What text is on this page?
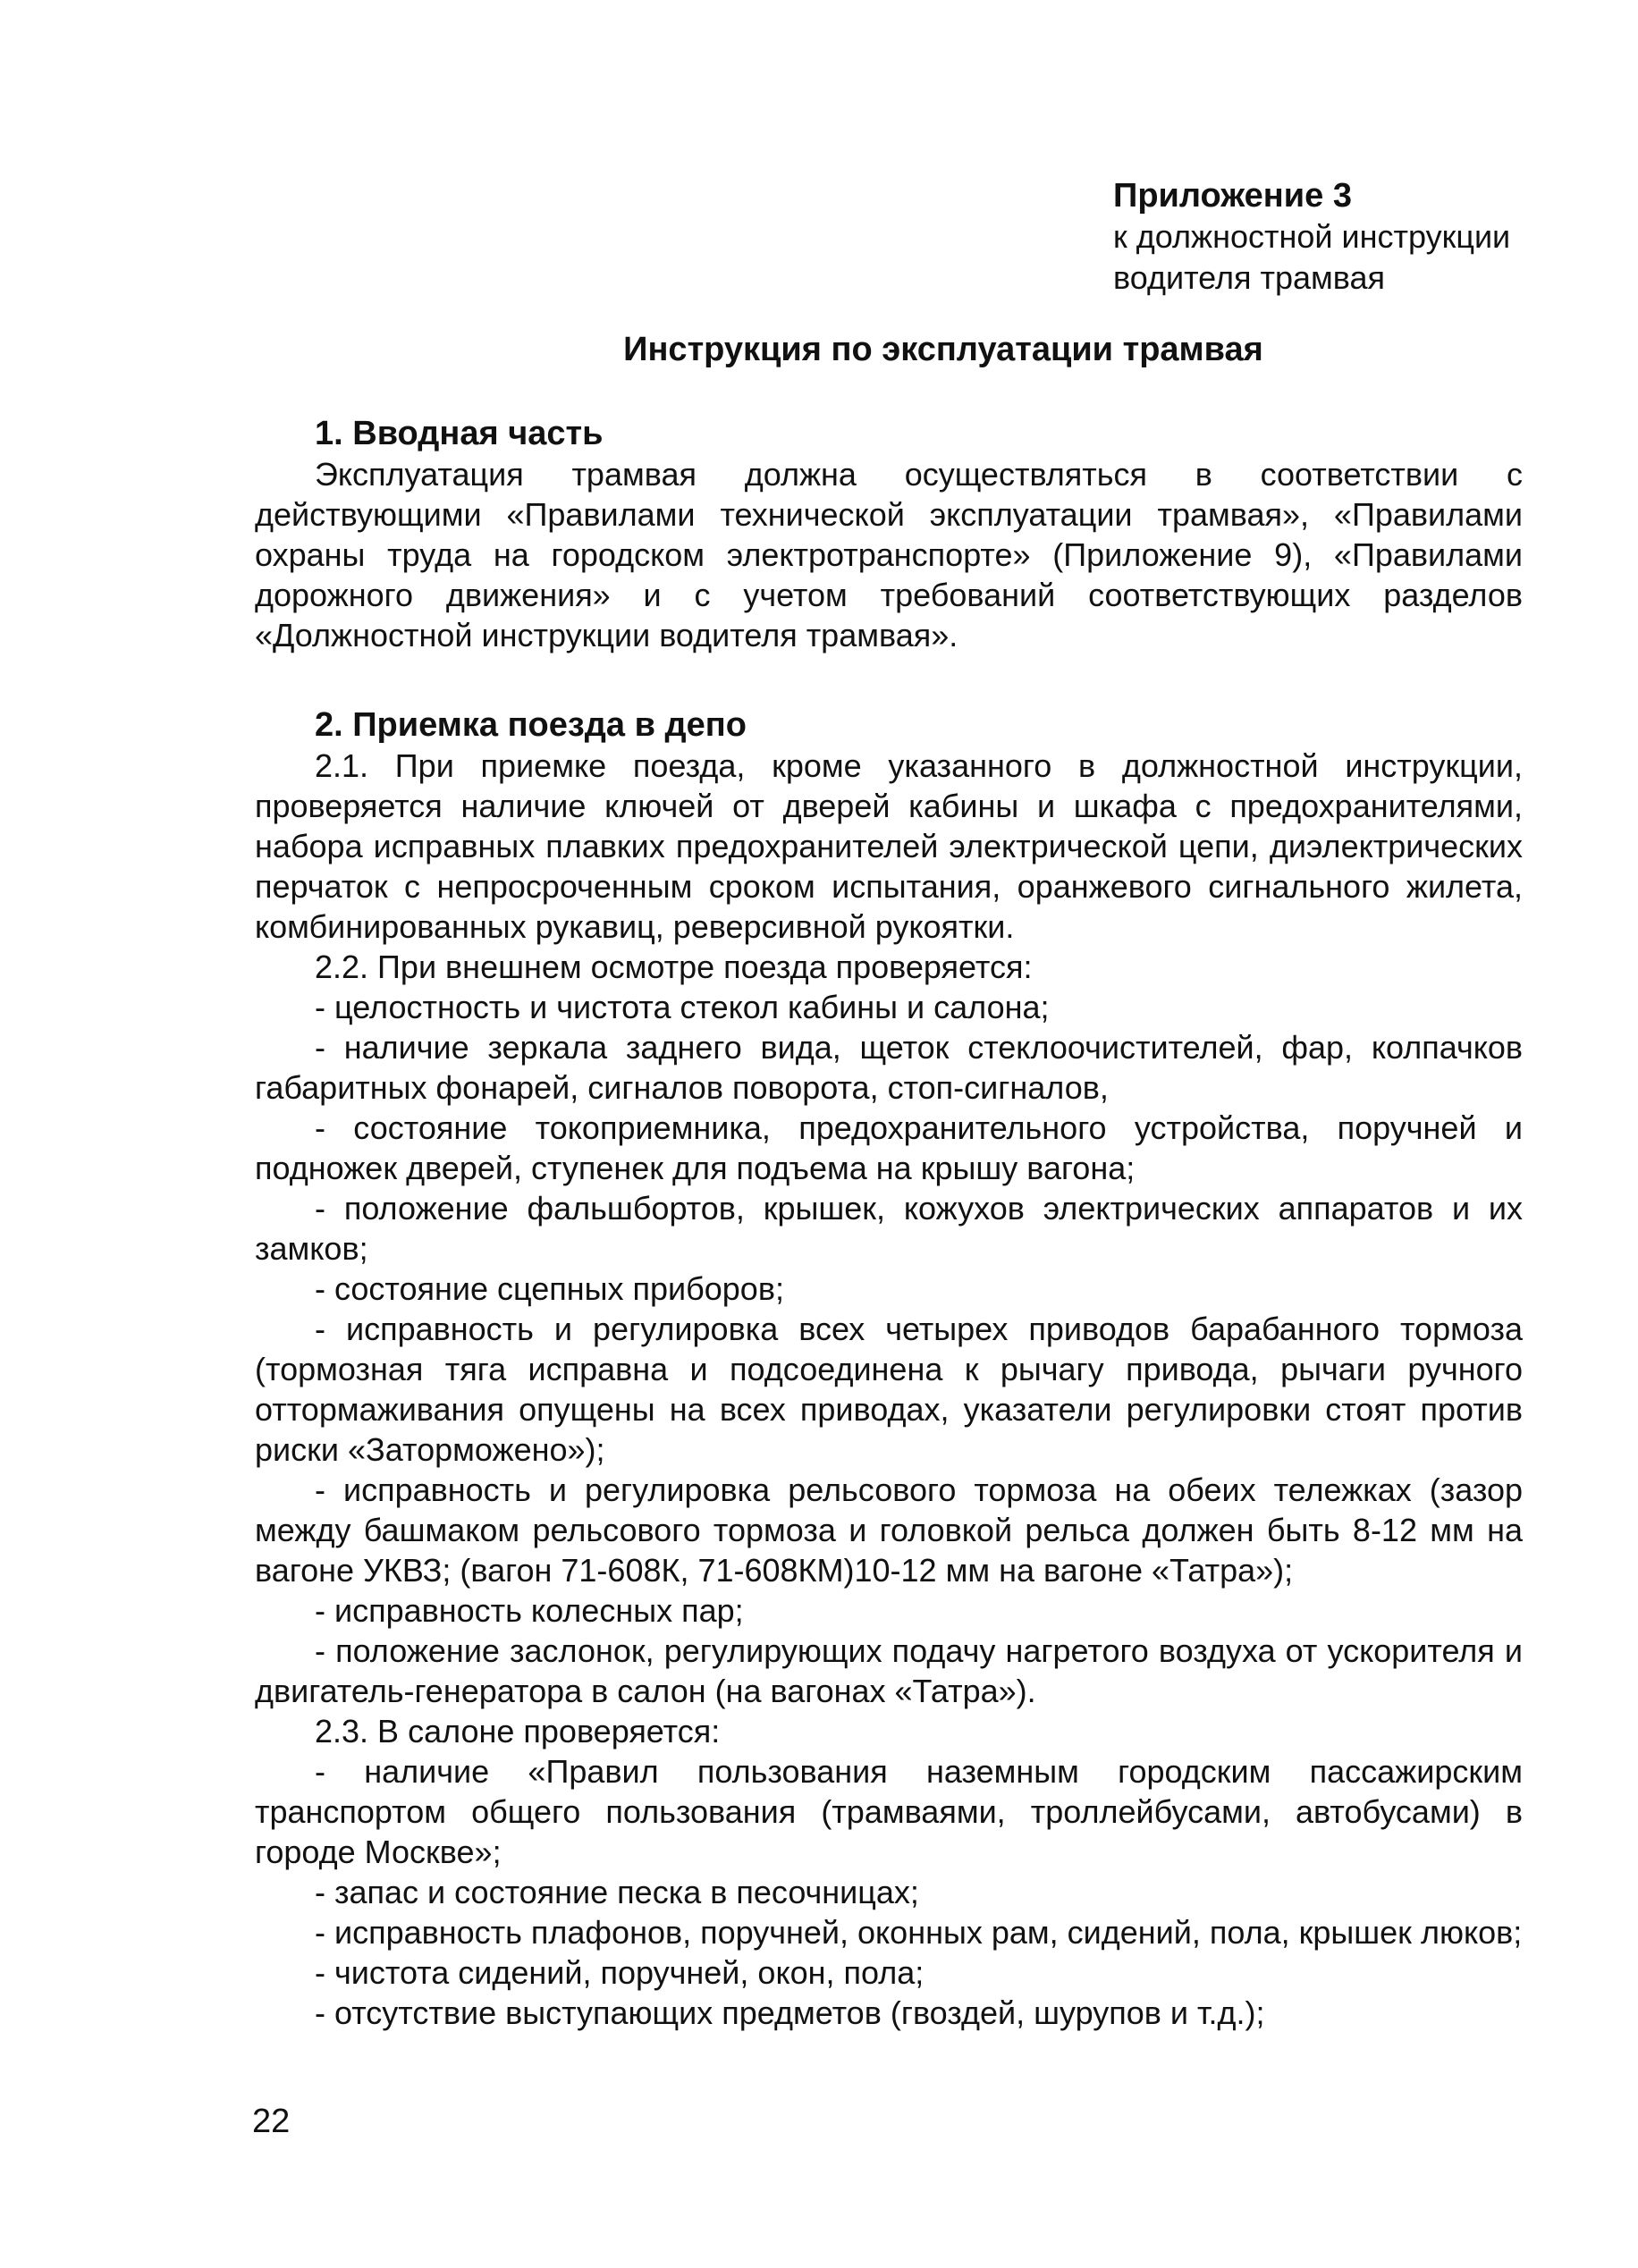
Приложение 3

к должностной инструкции

водителя трамвая

Инструкция по эксплуатации трамвая
1. Вводная часть

Эксплуатация трамвая должна осуществляться в соответствии с действующими «Правилами технической эксплуатации трамвая», «Правилами охраны труда на городском электротранспорте» (Приложение 9), «Правилами дорожного движения» и с учетом требований соответствующих разделов «Должностной инструкции водителя трамвая».

2. Приемка поезда в депо

2.1. При приемке поезда, кроме указанного в должностной инструкции, проверяется наличие ключей от дверей кабины и шкафа с предохранителями, набора исправных плавких предохранителей электрической цепи, диэлектрических перчаток с непросроченным сроком испытания, оранжевого сигнального жилета, комбинированных рукавиц, реверсивной рукоятки.

2.2. При внешнем осмотре поезда проверяется:

- целостность и чистота стекол кабины и салона;

- наличие зеркала заднего вида, щеток стеклоочистителей, фар, колпачков габаритных фонарей, сигналов поворота, стоп-сигналов,

- состояние токоприемника, предохранительного устройства, поручней и подножек дверей, ступенек для подъема на крышу вагона;

- положение фальшбортов, крышек, кожухов электрических аппаратов и их замков;

- состояние сцепных приборов;

- исправность и регулировка всех четырех приводов барабанного тормоза (тормозная тяга исправна и подсоединена к рычагу привода, рычаги ручного оттормаживания опущены на всех приводах, указатели регулировки стоят против риски «Заторможено»);

- исправность и регулировка рельсового тормоза на обеих тележках (зазор между башмаком рельсового тормоза и головкой рельса должен быть 8-12 мм на вагоне УКВЗ; (вагон 71-608К, 71-608КМ)10-12 мм на вагоне «Татра»);

- исправность колесных пар;

- положение заслонок, регулирующих подачу нагретого воздуха от ускорителя и двигатель-генератора в салон (на вагонах «Татра»).

2.3. В салоне проверяется:

- наличие «Правил пользования наземным городским пассажирским транспортом общего пользования (трамваями, троллейбусами, автобусами) в городе Москве»;

- запас и состояние песка в песочницах;

- исправность плафонов, поручней, оконных рам, сидений, пола, крышек люков;

- чистота сидений, поручней, окон, пола;

- отсутствие выступающих предметов (гвоздей, шурупов и т.д.);

22
